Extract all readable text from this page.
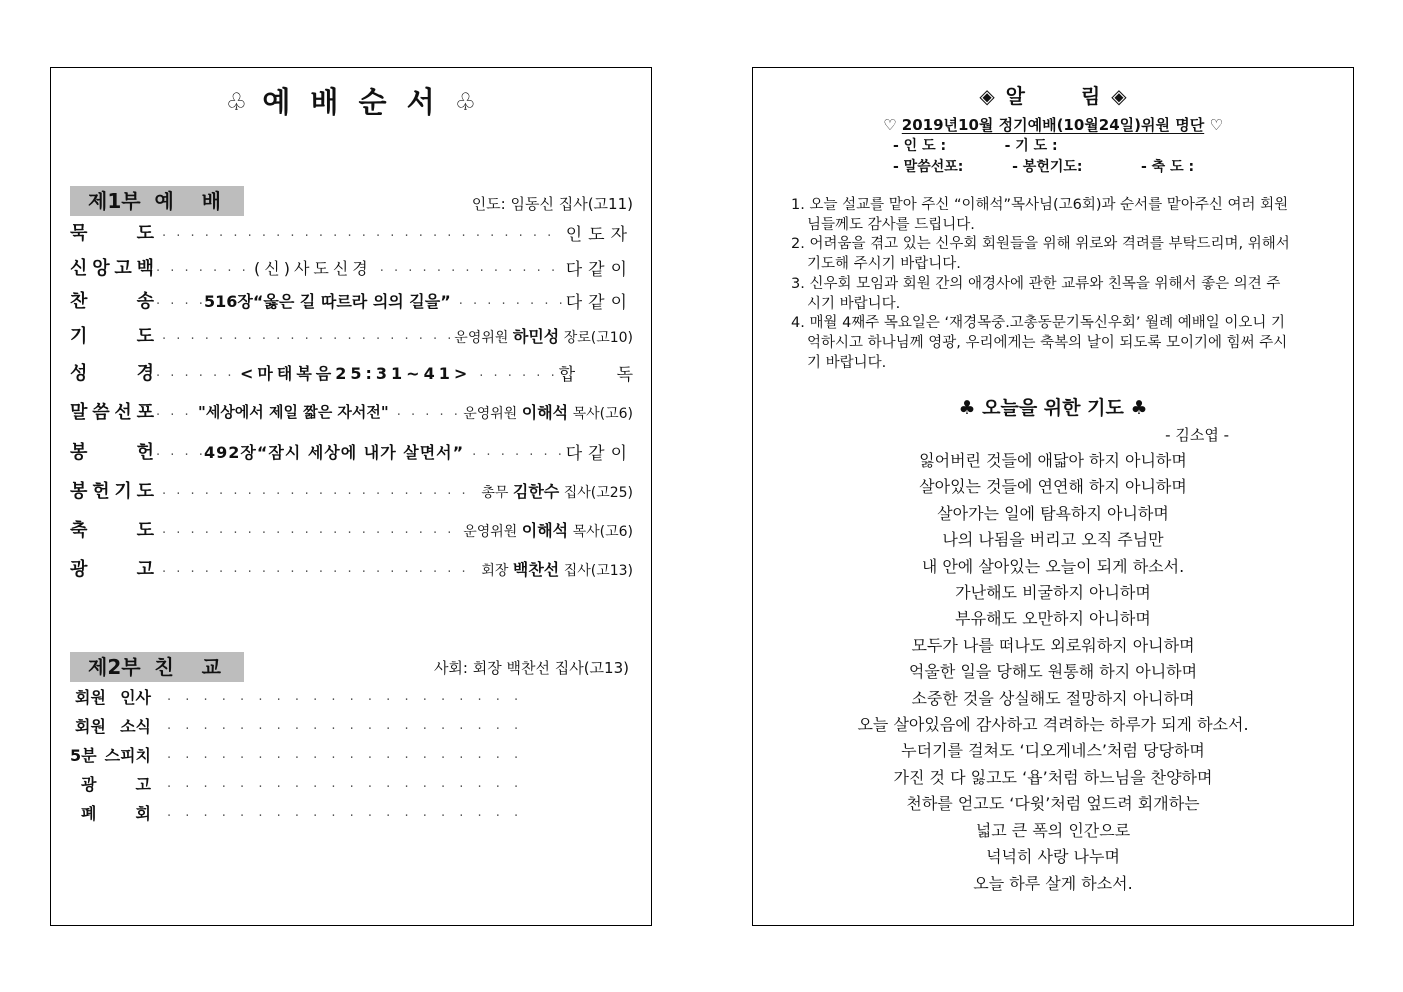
♧ 예 배 순 서 ♧
제1부  예    배	인도: 임동신 집사(고11)
묵	도 . . .	인도자
신 앙 고 백 . . .	(신)사도신경 . . .	다같이
찬	송 . . .	516장“옳은 길 따르라 의의 길을” . . .	다같이
기	도 . . .	운영위원 하민성 장로(고10)
성	경 . . .	<마태복음25:31~41> . . .	합 독
말 씀 선 포 . . .	"세상에서 제일 짧은 자서전" . . .	운영위원 이해석 목사(고6)
봉	헌 . . .	492장“잠시 세상에 내가 살면서” . . .	다같이
봉 헌 기 도 . . .	총무 김한수 집사(고25)
축	도 . . .	운영위원 이해석 목사(고6)
광	고 . . .	회장 백찬선 집사(고13)
제2부  친    교	사회: 회장 백찬선 집사(고13)
회원 인사
. . .
회원 소식
. . .
5분 스피치
. . .
광 고
. . .
폐 회
. . .
◈ 알	림 ◈
♡ 2019년10월 정기예배(10월24일)위원 명단 ♡
- 인 도 :            - 기 도 :
- 말씀선포:          - 봉헌기도:            - 축 도 :
1. 오늘 설교를 맡아 주신 “이해석”목사님(고6회)과 순서를 맡아주신 여러 회원님들께도 감사를 드립니다.
2. 어려움을 겪고 있는 신우회 회원들을 위해 위로와 격려를 부탁드리며, 위해서 기도해 주시기 바랍니다.
3. 신우회 모임과 회원 간의 애경사에 관한 교류와 친목을 위해서 좋은 의견 주시기 바랍니다.
4. 매월 4째주 목요일은 ‘재경목중.고총동문기독신우회’ 월례 예배일 이오니 기억하시고 하나님께 영광, 우리에게는 축복의 날이 되도록 모이기에 힘써 주시기 바랍니다.
♣ 오늘을 위한 기도 ♣
- 김소엽 -
잃어버린 것들에 애닯아 하지 아니하며
살아있는 것들에 연연해 하지 아니하며
살아가는 일에 탐욕하지 아니하며
나의 나됨을 버리고 오직 주님만
내 안에 살아있는 오늘이 되게 하소서.
가난해도 비굴하지 아니하며
부유해도 오만하지 아니하며
모두가 나를 떠나도 외로워하지 아니하며
억울한 일을 당해도 원통해 하지 아니하며
소중한 것을 상실해도 절망하지 아니하며
오늘 살아있음에 감사하고 격려하는 하루가 되게 하소서.
누더기를 걸쳐도 ‘디오게네스’처럼 당당하며
가진 것 다 잃고도 ‘욥’처럼 하느님을 찬양하며
천하를 얻고도 ‘다윗’처럼 엎드려 회개하는
넓고 큰 폭의 인간으로
넉넉히 사랑 나누며
오늘 하루 살게 하소서.
